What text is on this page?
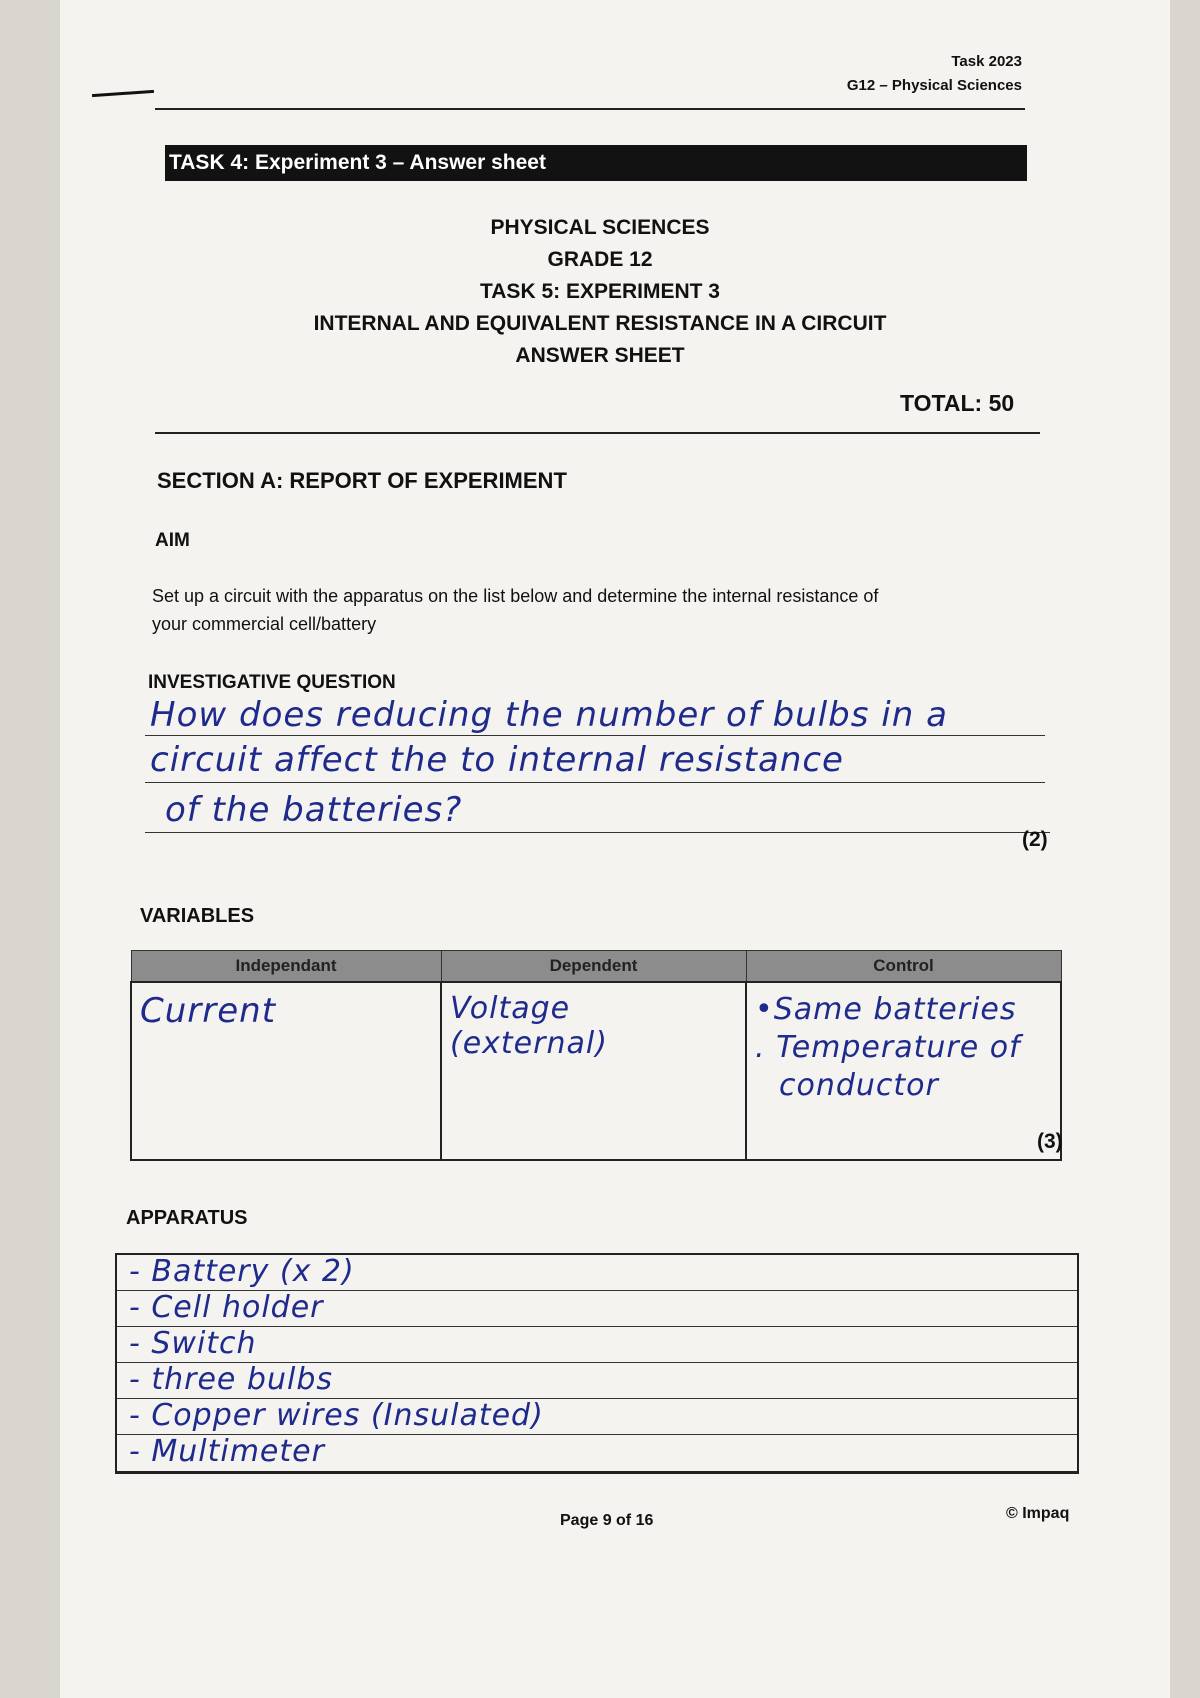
Task 2023
G12 – Physical Sciences
TASK 4: Experiment 3 – Answer sheet
PHYSICAL SCIENCES
GRADE 12
TASK 5: EXPERIMENT 3
INTERNAL AND EQUIVALENT RESISTANCE IN A CIRCUIT
ANSWER SHEET
TOTAL: 50
SECTION A: REPORT OF EXPERIMENT
AIM
Set up a circuit with the apparatus on the list below and determine the internal resistance of
your commercial cell/battery
INVESTIGATIVE QUESTION
How does reducing the number of bulbs in a
circuit affect the to internal resistance
of the batteries?
(2)
VARIABLES
Independant	Dependent	Control
Current	Voltage (external)	•Same batteries
. Temperature of
conductor
(3)
APPARATUS
- Battery (x 2)
- Cell holder
- Switch
- three bulbs
- Copper wires (Insulated)
- Multimeter
Page 9 of 16	© Impaq
